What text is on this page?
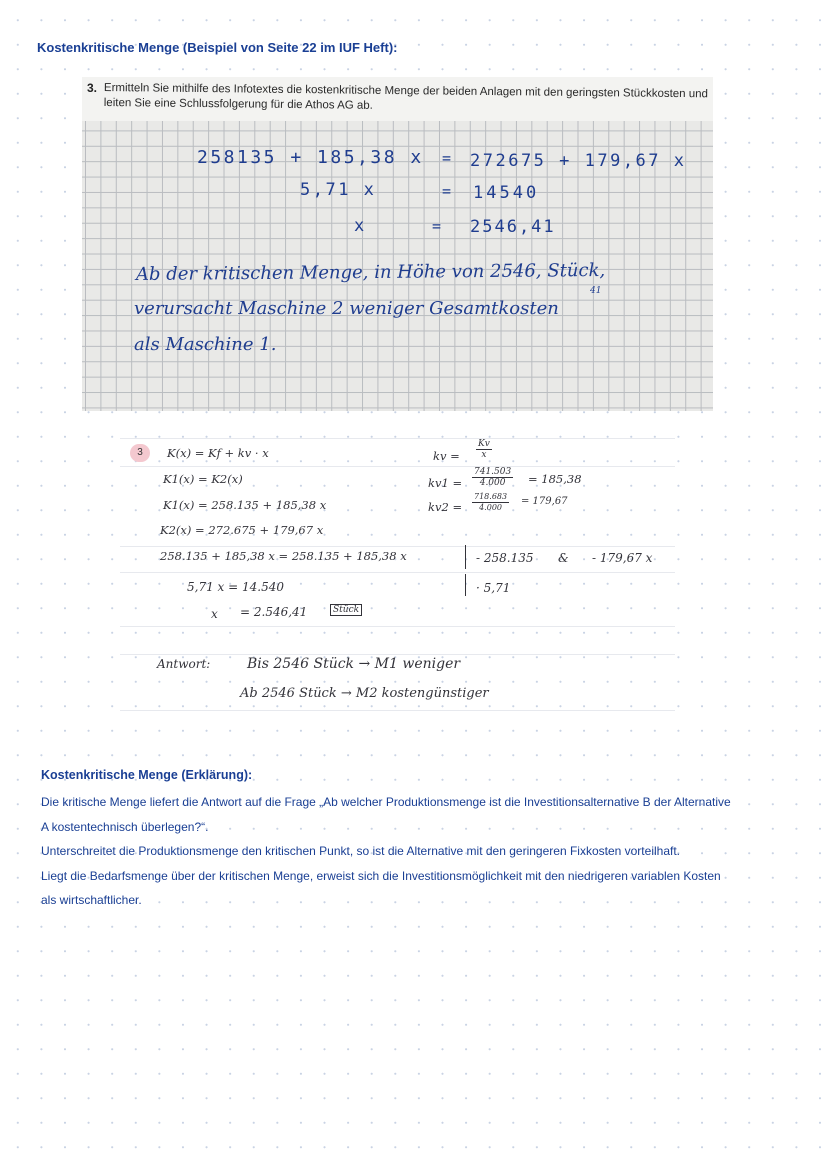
Kostenkritische Menge (Beispiel von Seite 22 im IUF Heft):
3. Ermitteln Sie mithilfe des Infotextes die kostenkritische Menge der beiden Anlagen mit den geringsten Stückkosten und leiten Sie eine Schlussfolgerung für die Athos AG ab.
258135 + 185,38 x = 272675 + 179,67 x
5,71 x	= 14540
x	= 2546,41
Ab der kritischen Menge, in Höhe von 2546, Stück,
41
verursacht Maschine 2 weniger Gesamtkosten
als Maschine 1.
3	K(x) = Kf + kv · x
K1(x) = K2(x)
K1(x) = 258.135 + 185,38 x
K2(x) = 272.675 + 179,67 x
kv = $\frac{Kv}{x}$
$kv1 = \frac{741.503}{4.000} = 185,38$
$kv2 = \frac{718.683}{4.000} = 179,67$
258.135 + 185,38 x = 258.135 + 185,38 x	- 258.135 & - 179,67 x
5,71 x = 14.540	· 5,71
x = 2.546,41	Stück
Antwort:	Bis 2546 Stück → M1 weniger
Ab 2546 Stück → M2 kostengünstiger
Kostenkritische Menge (Erklärung):

Die kritische Menge liefert die Antwort auf die Frage „Ab welcher Produktionsmenge ist die Investitionsalternative B der Alternative

A kostentechnisch überlegen?“.

Unterschreitet die Produktionsmenge den kritischen Punkt, so ist die Alternative mit den geringeren Fixkosten vorteilhaft.

Liegt die Bedarfsmenge über der kritischen Menge, erweist sich die Investitionsmöglichkeit mit den niedrigeren variablen Kosten

als wirtschaftlicher.
